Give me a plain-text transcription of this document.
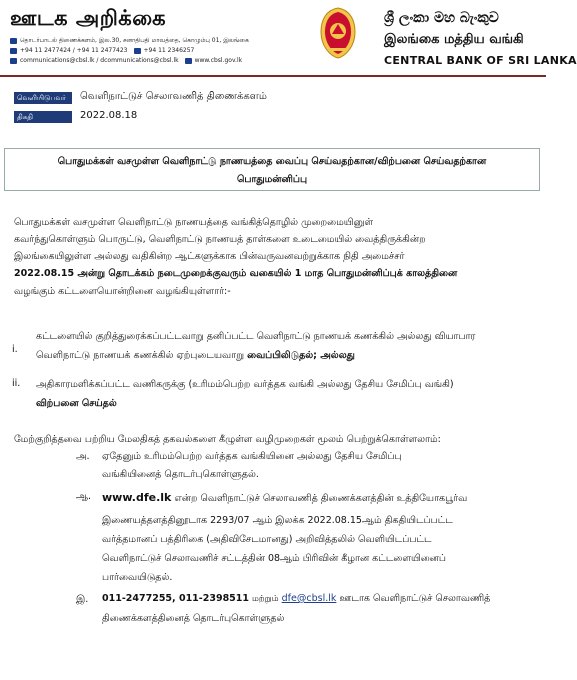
ஊடக அறிக்கை
தொடர்பாடல் திணைக்களம், இல.30, சனாதிபதி மாவத்தை, கொழும்பு 01, இலங்கை
+94 11 2477424 / +94 11 2477423	+94 11 2346257
communications@cbsl.lk / dcommunications@cbsl.lk	www.cbsl.gov.lk
ශ්‍රී ලංකා මහ බැංකුව
இலங்கை மத்திய வங்கி
CENTRAL BANK OF SRI LANKA
வெளியிடுபவர்	வெளிநாட்டுச் செலாவணித் திணைக்களம்
திகதி	2022.08.18
பொதுமக்கள் வசமுள்ள வெளிநாட்டு நாணயத்தை வைப்பு செய்வதற்கான/விற்பனை செய்வதற்கான
பொதுமன்னிப்பு
பொதுமக்கள் வசமுள்ள வெளிநாட்டு நாணயத்தை வங்கித்தொழில் முறைமையினுள்
கவர்ந்துகொள்ளும் பொருட்டு, வெளிநாட்டு நாணயத் தாள்களை உடைமையில் வைத்திருக்கின்ற
இலங்கையிலுள்ள அல்லது வதிகின்ற ஆட்களுக்காக பின்வருவனவற்றுக்காக நிதி அமைச்சர்
2022.08.15 அன்று தொடக்கம் நடைமுறைக்குவரும் வகையில் 1 மாத பொதுமன்னிப்புக் காலத்தினை
வழங்கும் கட்டளையொன்றினை வழங்கியுள்ளார்:-
i.
கட்டளையில் குறித்துரைக்கப்பட்டவாறு தனிப்பட்ட வெளிநாட்டு நாணயக் கணக்கில் அல்லது வியாபார
வெளிநாட்டு நாணயக் கணக்கில் ஏற்புடையவாறு வைப்பிலிடுதல்; அல்லது
ii. அதிகாரமளிக்கப்பட்ட வணிகருக்கு (உரிமம்பெற்ற வர்த்தக வங்கி அல்லது தேசிய சேமிப்பு வங்கி)
விற்பனை செய்தல்
மேற்குறித்தவை பற்றிய மேலதிகத் தகவல்களை கீழுள்ள வழிமுறைகள் மூலம் பெற்றுக்கொள்ளலாம்:
அ. ஏதேனும் உரிமம்பெற்ற வர்த்தக வங்கியினை அல்லது தேசிய சேமிப்பு
வங்கியினைத் தொடர்புகொள்ளுதல்.
ஆ. www.dfe.lk என்ற வெளிநாட்டுச் செலாவணித் திணைக்களத்தின் உத்தியோகபூர்வ
இணையத்தளத்தினூடாக 2293/07 ஆம் இலக்க 2022.08.15ஆம் திகதியிடப்பட்ட
வர்த்தமானப் பத்திரிகை (அதிவிசேடமானது) அறிவித்தலில் வெளியிடப்பட்ட
வெளிநாட்டுச் செலாவணிச் சட்டத்தின் 08ஆம் பிரிவின் கீழான கட்டளையினைப்
பார்வையிடுதல்.
இ. 011-2477255, 011-2398511 மற்றும் dfe@cbsl.lk ஊடாக வெளிநாட்டுச் செலாவணித்
திணைக்களத்தினைத் தொடர்புகொள்ளுதல்
